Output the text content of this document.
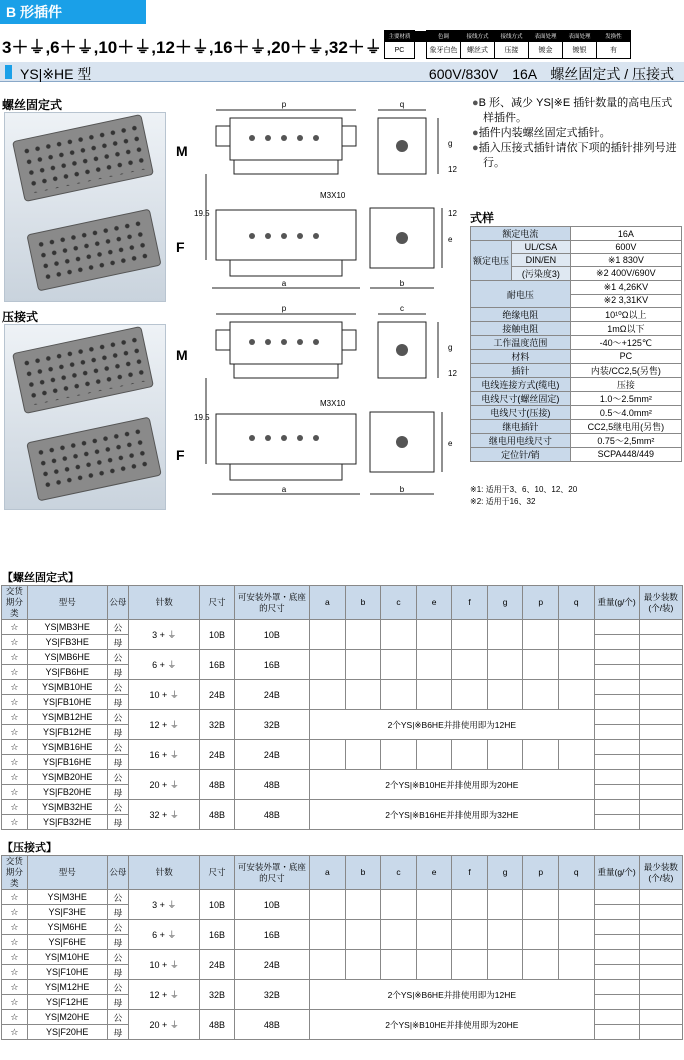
B 形插件
3＋⏚,6＋⏚,10＋⏚,12＋⏚,16＋⏚,20＋⏚,32＋⏚
主要材质		色调	接线方式	接线方式	表面处理	表面处理	发换性
PC		象牙白色	螺丝式	压接	镀金	镀银	有
YS|※HE 型	600V/830V　16A　螺丝固定式 / 压接式
螺丝固定式
压接式
p	q
a	b
p	c
a	b
g
e
g
e
12
12
12
19.5
19.5
M3X10
M3X10
M
F
M
F
● B 形、减少 YS|※E 插针数量的高电压式样插件。
● 插件内装螺丝固定式插针。
● 插入压接式插针请依下项的插针排列号进行。
式样
额定电流		16A
额定电压	UL/CSA	600V
	DIN/EN	※1 830V
	(污染度3)	※2 400V/690V
耐电压		※1 4,26KV
		※2 3,31KV
绝缘电阻		10¹⁰Ω以上
接触电阻		1mΩ以下
工作温度范围		-40～+125℃
材料		PC
插针		内装/CC2,5(另售)
电线连接方式(缆电)		压接
电线尺寸(螺丝固定)		1.0～2.5mm²
电线尺寸(压接)		0.5～4.0mm²
继电插针		CC2,5继电用(另售)
继电用电线尺寸		0.75～2,5mm²
定位针/销		SCPA448/449
※1: 适用于3、6、10、12、20
※2: 适用于16、32
【螺丝固定式】
交货期分类	型号	公母	针数	尺寸	可安装外罩・底座的尺寸	a	b	c	e	f	g	p	q	重量(g/个)	最少装数(个/装)
☆	YS|MB3HE	公	3 + ⏚	10B	10B										
☆	YS|FB3HE	母													
☆	YS|MB6HE	公	6 + ⏚	16B	16B										
☆	YS|FB6HE	母													
☆	YS|MB10HE	公	10 + ⏚	24B	24B										
☆	YS|FB10HE	母													
☆	YS|MB12HE	公	12 + ⏚	32B	32B	2个YS|※B6HE并排使用即为12HE									
☆	YS|FB12HE	母													
☆	YS|MB16HE	公	16 + ⏚	24B	24B										
☆	YS|FB16HE	母													
☆	YS|MB20HE	公	20 + ⏚	48B	48B	2个YS|※B10HE并排使用即为20HE									
☆	YS|FB20HE	母													
☆	YS|MB32HE	公	32 + ⏚	48B	48B	2个YS|※B16HE并排使用即为32HE									
☆	YS|FB32HE	母													
【压接式】
交货期分类	型号	公母	针数	尺寸	可安装外罩・底座的尺寸	a	b	c	e	f	g	p	q	重量(g/个)	最少装数(个/装)
☆	YS|M3HE	公	3 + ⏚	10B	10B										
☆	YS|F3HE	母													
☆	YS|M6HE	公	6 + ⏚	16B	16B										
☆	YS|F6HE	母													
☆	YS|M10HE	公	10 + ⏚	24B	24B										
☆	YS|F10HE	母													
☆	YS|M12HE	公	12 + ⏚	32B	32B	2个YS|※B6HE并排使用即为12HE									
☆	YS|F12HE	母													
☆	YS|M20HE	公	20 + ⏚	48B	48B	2个YS|※B10HE并排使用即为20HE									
☆	YS|F20HE	母													
